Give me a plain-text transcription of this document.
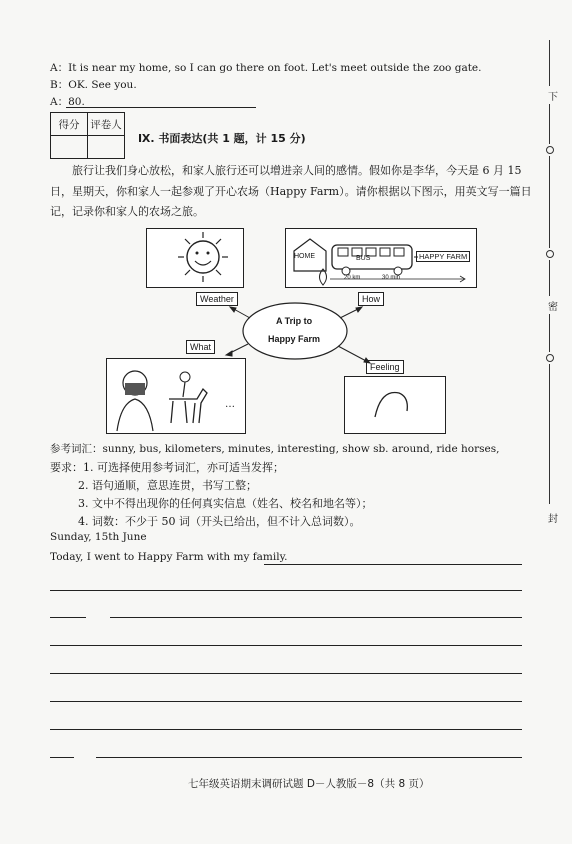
A：It is near my home, so I can go there on foot. Let's meet outside the zoo gate.
B：OK. See you.
A：80.
得分	评卷人

Ⅸ. 书面表达(共 1 题，计 15 分)
旅行让我们身心放松，和家人旅行还可以增进亲人间的感情。假如你是李华，今天是 6 月 15
日，星期天，你和家人一起参观了开心农场（Happy Farm）。请你根据以下图示，用英文写一篇日
记，记录你和家人的农场之旅。
HOME	BUS	HAPPY FARM
20 km	30 min
Weather	How
What
Feeling
A Trip to
Happy Farm
…
参考词汇：sunny, bus, kilometers, minutes, interesting, show sb. around, ride horses,
要求：1. 可选择使用参考词汇，亦可适当发挥；
2. 语句通顺，意思连贯，书写工整；
3. 文中不得出现你的任何真实信息（姓名、校名和地名等）；
4. 词数：不少于 50 词（开头已给出，但不计入总词数）。
Sunday, 15th June
Today, I went to Happy Farm with my family.
七年级英语期末调研试题 D－人教版－8（共 8 页）
下
密
封
